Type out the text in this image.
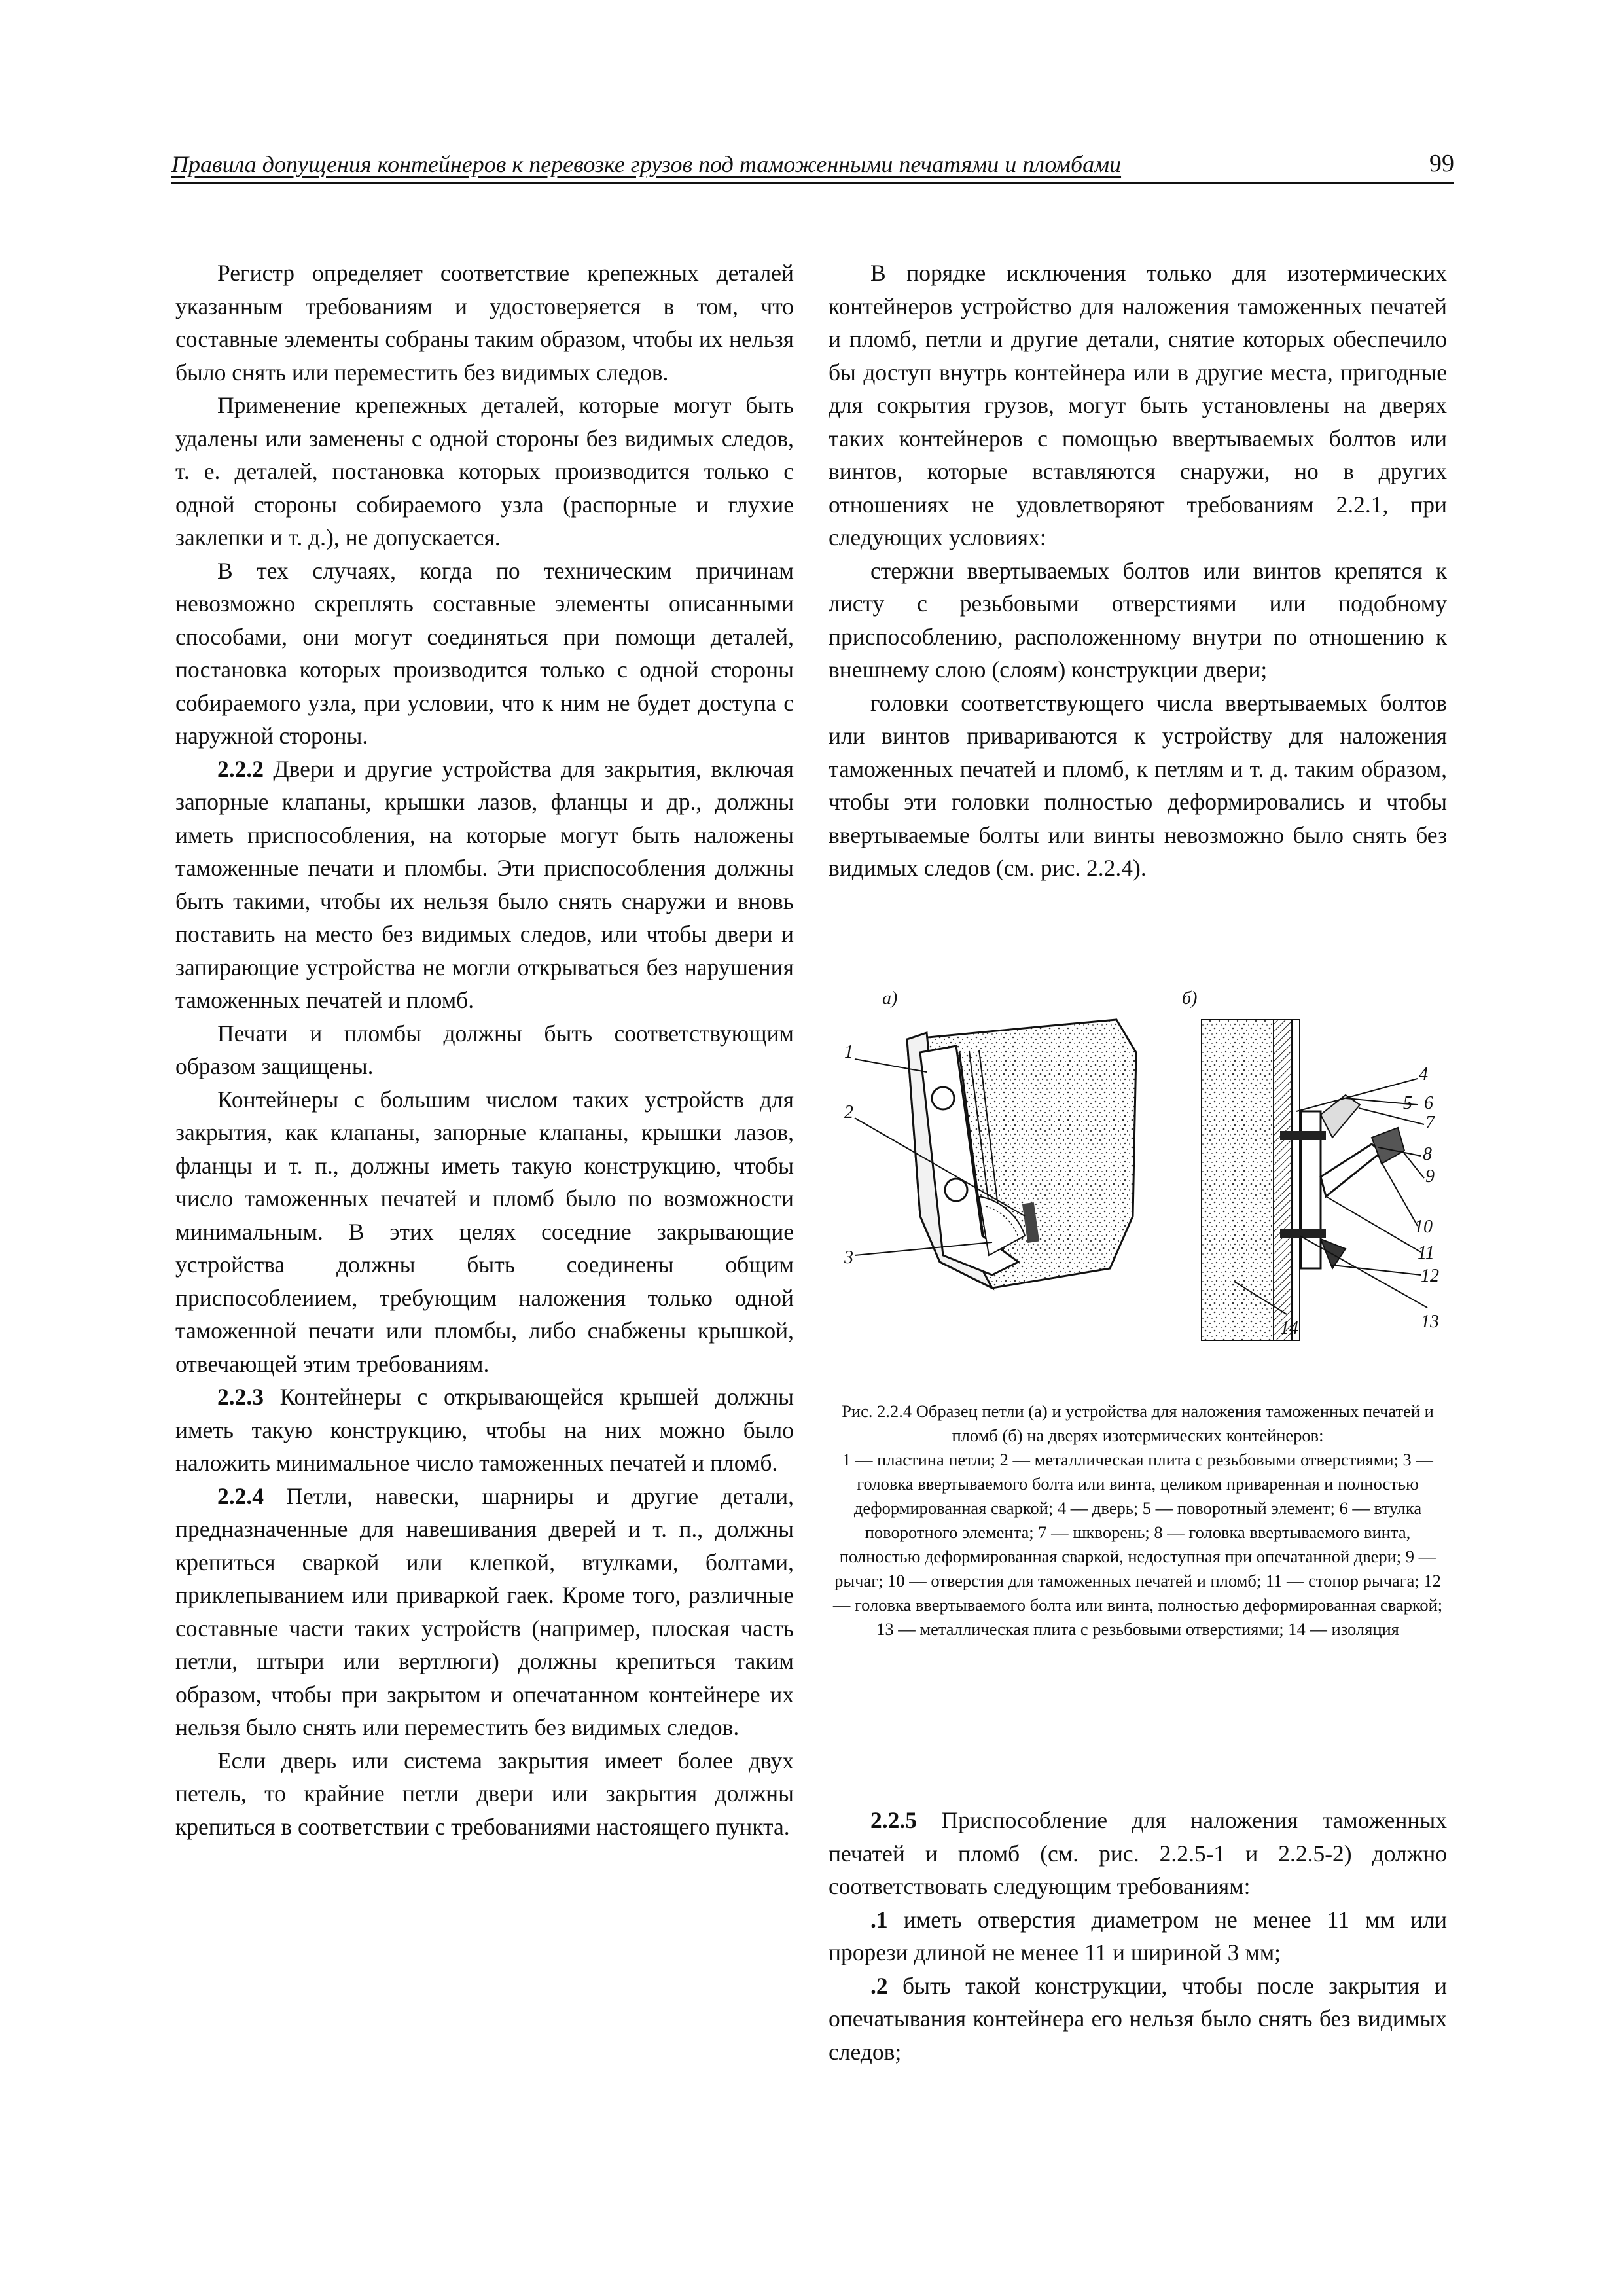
Правила допущения контейнеров к перевозке грузов под таможенными печатями и пломбами	99

Регистр определяет соответствие крепежных деталей указанным требованиям и удостоверяется в том, что составные элементы собраны таким образом, чтобы их нельзя было снять или переместить без видимых следов.

Применение крепежных деталей, которые могут быть удалены или заменены с одной стороны без видимых следов, т. е. деталей, постановка которых производится только с одной стороны собираемого узла (распорные и глухие заклепки и т. д.), не допускается.

В тех случаях, когда по техническим причинам невозможно скреплять составные элементы описанными способами, они могут соединяться при помощи деталей, постановка которых производится только с одной стороны собираемого узла, при условии, что к ним не будет доступа с наружной стороны.

2.2.2 Двери и другие устройства для закрытия, включая запорные клапаны, крышки лазов, фланцы и др., должны иметь приспособления, на которые могут быть наложены таможенные печати и пломбы. Эти приспособления должны быть такими, чтобы их нельзя было снять снаружи и вновь поставить на место без видимых следов, или чтобы двери и запирающие устройства не могли открываться без нарушения таможенных печатей и пломб.

Печати и пломбы должны быть соответствующим образом защищены.

Контейнеры с большим числом таких устройств для закрытия, как клапаны, запорные клапаны, крышки лазов, фланцы и т. п., должны иметь такую конструкцию, чтобы число таможенных печатей и пломб было по возможности минимальным. В этих целях соседние закрывающие устройства должны быть соединены общим приспособлеиием, требующим наложения только одной таможенной печати или пломбы, либо снабжены крышкой, отвечающей этим требованиям.

2.2.3 Контейнеры с открывающейся крышей должны иметь такую конструкцию, чтобы на них можно было наложить минимальное число таможенных печатей и пломб.

2.2.4 Петли, навески, шарниры и другие детали, предназначенные для навешивания дверей и т. п., должны крепиться сваркой или клепкой, втулками, болтами, приклепыванием или приваркой гаек. Кроме того, различные составные части таких устройств (например, плоская часть петли, штыри или вертлюги) должны крепиться таким образом, чтобы при закрытом и опечатанном контейнере их нельзя было снять или переместить без видимых следов.

Если дверь или система закрытия имеет более двух петель, то крайние петли двери или закрытия должны крепиться в соответствии с требованиями настоящего пункта.

В порядке исключения только для изотермических контейнеров устройство для наложения таможенных печатей и пломб, петли и другие детали, снятие которых обеспечило бы доступ внутрь контейнера или в другие места, пригодные для сокрытия грузов, могут быть установлены на дверях таких контейнеров с помощью ввертываемых болтов или винтов, которые вставляются снаружи, но в других отношениях не удовлетворяют требованиям 2.2.1, при следующих условиях:

стержни ввертываемых болтов или винтов крепятся к листу с резьбовыми отверстиями или подобному приспособлению, расположенному внутри по отношению к внешнему слою (слоям) конструкции двери;

головки соответствующего числа ввертываемых болтов или винтов привариваются к устройству для наложения таможенных печатей и пломб, к петлям и т. д. таким образом, чтобы эти головки полностью деформировались и чтобы ввертываемые болты или винты невозможно было снять без видимых следов (см. рис. 2.2.4).

а)	б)
1
2
3
4
5 6
7
8
9
10
11
12
13
14
Рис. 2.2.4 Образец петли (а) и устройства для наложения таможенных печатей и пломб (б) на дверях изотермических контейнеров:
1 — пластина петли; 2 — металлическая плита с резьбовыми отверстиями; 3 — головка ввертываемого болта или винта, целиком приваренная и полностью деформированная сваркой; 4 — дверь; 5 — поворотный элемент; 6 — втулка поворотного элемента; 7 — шкворень; 8 — головка ввертываемого винта, полностью деформированная сваркой, недоступная при опечатанной двери; 9 — рычаг; 10 — отверстия для таможенных печатей и пломб; 11 — стопор рычага; 12 — головка ввертываемого болта или винта, полностью деформированная сваркой; 13 — металлическая плита с резьбовыми отверстиями; 14 — изоляция

2.2.5 Приспособление для наложения таможенных печатей и пломб (см. рис. 2.2.5-1 и 2.2.5-2) должно соответствовать следующим требованиям:

.1 иметь отверстия диаметром не менее 11 мм или прорези длиной не менее 11 и шириной 3 мм;

.2 быть такой конструкции, чтобы после закрытия и опечатывания контейнера его нельзя было снять без видимых следов;
